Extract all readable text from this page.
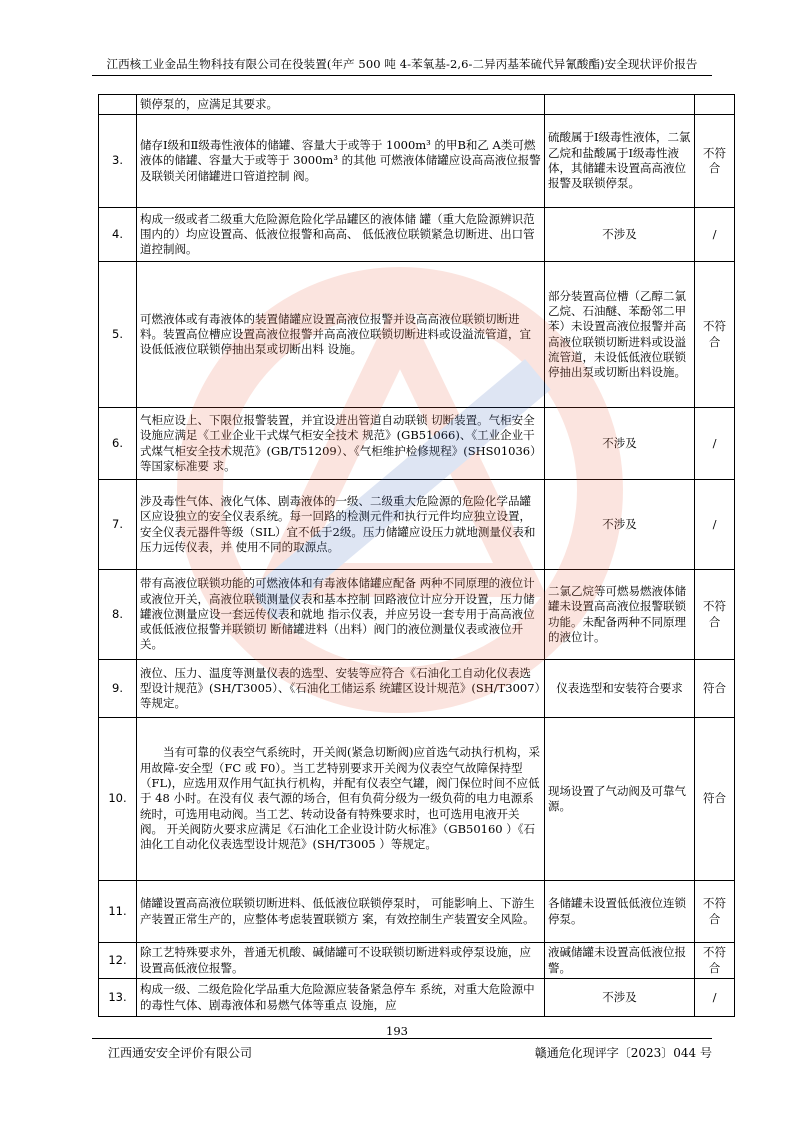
江西核工业金品生物科技有限公司在役装置(年产 500 吨 4-苯氧基-2,6-二异丙基苯硫代异氰酸酯)安全现状评价报告
	锁停泵的，应满足其要求。		
3.	储存Ⅰ级和Ⅱ级毒性液体的储罐、容量大于或等于 1000m³ 的甲B和乙 A类可燃液体的储罐、容量大于或等于 3000m³ 的其他 可燃液体储罐应设高高液位报警及联锁关闭储罐进口管道控制 阀。	硫酸属于Ⅰ级毒性液体，二氯乙烷和盐酸属于Ⅰ级毒性液体，其储罐未设置高高液位报警及联锁停泵。	不符合
4.	构成一级或者二级重大危险源危险化学品罐区的液体储 罐（重大危险源辨识范围内的）均应设置高、低液位报警和高高、 低低液位联锁紧急切断进、出口管道控制阀。	不涉及	/
5.	可燃液体或有毒液体的装置储罐应设置高液位报警并设高高液位联锁切断进料。装置高位槽应设置高液位报警并高高液位联锁切断进料或设溢流管道，宜设低低液位联锁停抽出泵或切断出料 设施。	部分装置高位槽（乙醇二氯乙烷、石油醚、苯酚邻二甲苯）未设置高液位报警并高高液位联锁切断进料或设溢流管道，未设低低液位联锁停抽出泵或切断出料设施。	不符合
6.	气柜应设上、下限位报警装置，并宜设进出管道自动联锁 切断装置。气柜安全设施应满足《工业企业干式煤气柜安全技术 规范》(GB51066)、《工业企业干式煤气柜安全技术规范》(GB/T51209）、《气柜维护检修规程》(SHS01036）等国家标准要 求。	不涉及	/
7.	涉及毒性气体、液化气体、剧毒液体的一级、二级重大危险源的危险化学品罐区应设独立的安全仪表系统。每一回路的检测元件和执行元件均应独立设置，安全仪表元器件等级（SIL）宜不低于2级。压力储罐应设压力就地测量仪表和压力远传仪表，并 使用不同的取源点。	不涉及	/
8.	带有高液位联锁功能的可燃液体和有毒液体储罐应配备 两种不同原理的液位计或液位开关，高液位联锁测量仪表和基本控制 回路液位计应分开设置，压力储罐液位测量应设一套远传仪表和就地 指示仪表，并应另设一套专用于高高液位或低低液位报警并联锁切 断储罐进料（出料）阀门的液位测量仪表或液位开关。	二氯乙烷等可燃易燃液体储罐未设置高高液位报警联锁功能。未配备两种不同原理的液位计。	不符合
9.	液位、压力、温度等测量仪表的选型、安装等应符合《石油化工自动化仪表选型设计规范》(SH/T3005）、《石油化工储运系 统罐区设计规范》(SH/T3007）等规定。	仪表选型和安装符合要求	符合
10.	当有可靠的仪表空气系统时，开关阀(紧急切断阀)应首选气动执行机构，采用故障-安全型（FC 或 F0）。当工艺特别要求开关阀为仪表空气故障保持型（FL)，应选用双作用气缸执行机构，并配有仪表空气罐，阀门保位时间不应低于 48 小时。在没有仪 表气源的场合，但有负荷分级为一级负荷的电力电源系统时，可选用电动阀。当工艺、转动设备有特殊要求时，也可选用电液开关阀。 开关阀防火要求应满足《石油化工企业设计防火标准》（GB50160 ）《石油化工自动化仪表选型设计规范》(SH/T3005 ）等规定。	现场设置了气动阀及可靠气源。	符合
11.	储罐设置高高液位联锁切断进料、低低液位联锁停泵时， 可能影响上、下游生产装置正常生产的，应整体考虑装置联锁方 案，有效控制生产装置安全风险。	各储罐未设置低低液位连锁停泵。	不符合
12.	除工艺特殊要求外，普通无机酸、碱储罐可不设联锁切断进料或停泵设施，应设置高低液位报警。	液碱储罐未设置高低液位报警。	不符合
13.	构成一级、二级危险化学品重大危险源应装备紧急停车 系统，对重大危险源中的毒性气体、剧毒液体和易燃气体等重点 设施，应	不涉及	/
193
江西通安安全评价有限公司	赣通危化现评字〔2023〕044 号
